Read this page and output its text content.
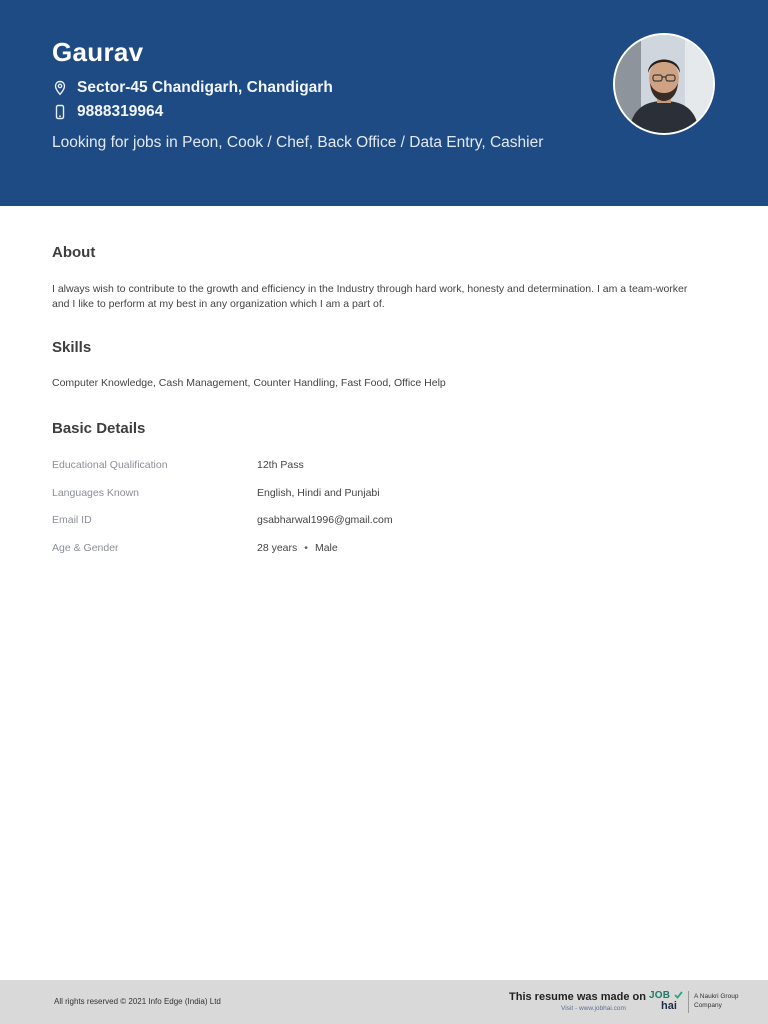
Gaurav
Sector-45 Chandigarh, Chandigarh
9888319964
Looking for jobs in Peon, Cook / Chef, Back Office / Data Entry, Cashier
About

I always wish to contribute to the growth and efficiency in the Industry through hard work, honesty and determination. I am a team-worker and I like to perform at my best in any organization which I am a part of.

Skills

Computer Knowledge, Cash Management, Counter Handling, Fast Food, Office Help

Basic Details
Educational Qualification	12th Pass
Languages Known	English, Hindi and Punjabi
Email ID	gsabharwal1996@gmail.com
Age & Gender	28 years • Male
All rights reserved © 2021 Info Edge (India) Ltd	This resume was made on
Visit - www.jobhai.com
JOB
hai
A Naukri Group
Company
